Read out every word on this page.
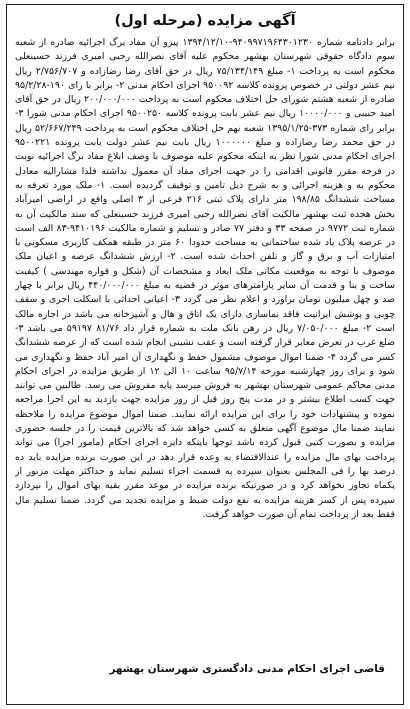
آگهی مزایده (مرحله اول)

برابر دادنامه شماره ۹۴۰۹۹۷۱۹۶۴۳۰۱۲۳۰-۱۳۹۴/۱۲/۱۰ پیرو آن مفاد برگ اجرائیه صادره از شعبه سوم دادگاه حقوقی شهرستان بهشهر محکوم علیه آقای نصرالله رجبی امیری فرزند حسینعلی محکوم است به پرداخت ۱- مبلغ ۷۵/۱۳۴/۱۴۹ ریال در حق آقای رضا رضازاده و ۲/۷۵۶/۷۰۷ ریال نیم عشر دولتی در خصوص پرونده کلاسه ۹۵۰۰۹۲ اجرای احکام مدنی ۲- برابر با رای ۱۹۰-۹۵/۲/۲۸ صادره از شعبه هشتم شورای حل اختلاف محکوم است به پرداخت ۲۰۰/۰۰۰/۰۰۰ ریال در حق آقای امید حبیبی و ۱۰۰۰۰/۰۰۰ ریال نیم عشر بابت پرونده کلاسه ۹۵۰۰۲۵۰ اجرای احکام مدنی شورا ۳- برابر رای شماره ۳۷۳-۱۳۹۵/۱/۲۵ شعبه نهم حل اختلاف محکوم است به پرداخت ۵۲/۶۶۷/۲۴۹ ریال در حق محمد رضا رضازاده و مبلغ ۱۰۰۰۰۰۰ ریال بابت نیم عشر دولت بابت پرونده ۹۵۰۰۲۲۱ اجرای احکام مدنی شورا نظر به اینکه محکوم علیه موصوف با وصف ابلاغ مفاد برگ اجرائیه نوبت در فرجه مقرر قانونی اقدامی را در جهت اجرای مفاد آن معمول نداشته فلذا مشارالیه معادل محکوم به و هزینه اجرائی و به شرح ذیل تامین و توقیف گردیده است. ۱- ملک مورد تعرفه به مساحت ششدانگ ۱۹۸/۸۵ متر دارای پلاک ثبتی ۲۱۶ فرعی از ۳ اصلی واقع در اراضی امیرآباد بخش هجده ثبت بهشهر مالکیت آقای نصرالله رجبی امیری فرزند حسینعلی که سند مالکیت آن به شماره ثبت ۹۷۷۲ در صفحه ۳۳ و دفتر ۷۷ صادر و تسلیم و شماره مالکیت ۹۴۱۰۱۹۶-۸۳ الف است در عرصه پلاک یاد شده ساختمانی به مساحت حدودا ۶۰ متر در طبقه همکف کاربری مسکونی با امتیازات آب و برق و گاز و تلفن احداث شده است. ۲- ارزش ششدانگ عرصه و اعیان ملک موصوف با توجه به موقعیت مکانی ملک ابعاد و مشخصات آن (شکل و قواره مهندسی ) کیفیت ساخت و بنا و قدمت آن سایر پارامترهای موثر در قضیه به مبلغ ۴۴۰/۰۰۰/۰۰۰ ریال برابر با چهار صد و چهل میلیون تومان براورد و اعلام نظر می گردد ۳- اعیانی احداثی با اسکلت اجری و سقف چوبی و پوشش ایرانیت فاقد نماسازی دارای یک اتاق و هال و آشپزخانه می باشد در اجاره مالک است ۲- مبلغ ۷/۰۵۰/۰۰۰ ریال در رهن بانک ملت به شماره قرار داد ۸۱/۷۶ ۵۹۱۹۷ می باشد ۳- ضلع غرب در تعرض معابر قرار گرفته است و عقب نشینی انجام شده است که از عرصه ششدانگ کسر می گردد ۴- ضمنا اموال موصوف مشمول حفظ و نگهداری آن امیر آباد حفظ و نگهداری می شود و برای روز چهارشنبه مورخه ۹۵/۷/۱۴ ساعت ۱۰ الی ۱۲ از طریق مزایده در اجرای احکام مدنی محاکم عمومی شهرستان بهشهر به فروش میرسد پایه مفروش می رسد. طالبین می توانند جهت کسب اطلاع بیشتر و در مدت پنج روز قبل از روز مزایده جهت بازدید به این اجرا مراجعه نموده و پیشنهادات خود را برای این مزایده ارائه نمایند. ضمنا اموال موضوع مزایده را ملاحظه نمایند ضمنا مال موضوع آگهی متعلق به کسی خواهد شد که بالاترین قیمت را در جلسه حضوری مزایده و بصورت کتبی قبول کرده باشد توجها باینکه دایره اجرای احکام (مامور اجرا) می تواند پرداخت بهای مال مزایده را عندالاقتضاء به وعده قرار دهد در این صورت برنده مزایده باید ده درصد بها را فی المجلس بعنوان سپرده به قسمت اجراء تسلیم نماید و حداکثر مهلت مزبور از یکماه تجاوز نخواهد کرد و در صورتیکه برنده مزایده در موعد مقرر بقیه بهای اموال را نپردازد سپرده پس از کسر هزینه مزایده به نفع دولت ضبط و مزایده تجدید می گردد. ضمنا تسلیم مال فقط بعد از پرداخت تمام آن صورت خواهد گرفت.

قاضی اجرای احکام مدنی دادگستری شهرستان بهشهر
